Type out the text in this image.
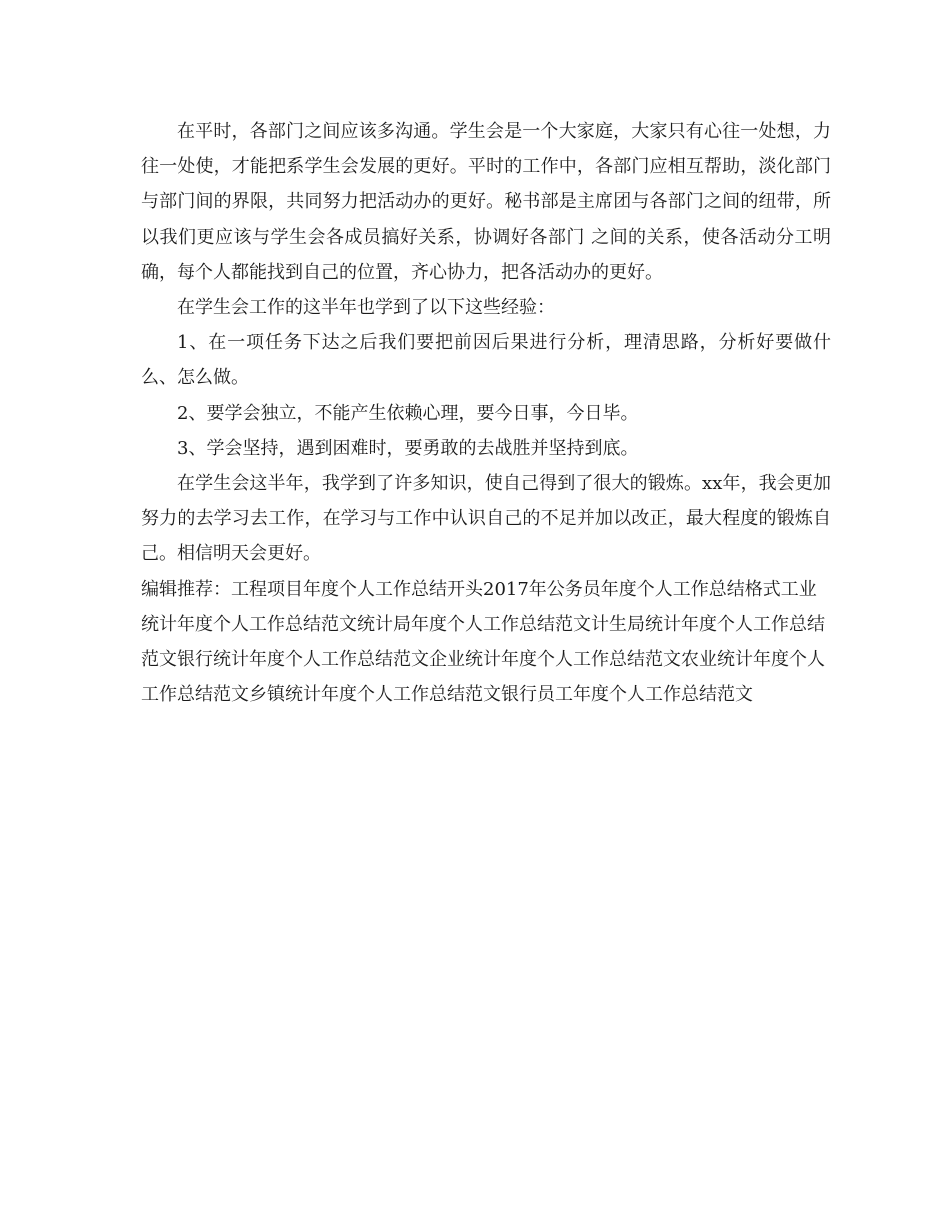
在平时，各部门之间应该多沟通。学生会是一个大家庭，大家只有心往一处想，力往一处使，才能把系学生会发展的更好。平时的工作中，各部门应相互帮助，淡化部门与部门间的界限，共同努力把活动办的更好。秘书部是主席团与各部门之间的纽带，所以我们更应该与学生会各成员搞好关系，协调好各部门 之间的关系，使各活动分工明确，每个人都能找到自己的位置，齐心协力，把各活动办的更好。

在学生会工作的这半年也学到了以下这些经验：

1、在一项任务下达之后我们要把前因后果进行分析，理清思路，分析好要做什么、怎么做。

2、要学会独立，不能产生依赖心理，要今日事，今日毕。

3、学会坚持，遇到困难时，要勇敢的去战胜并坚持到底。

在学生会这半年，我学到了许多知识，使自己得到了很大的锻炼。xx年，我会更加努力的去学习去工作，在学习与工作中认识自己的不足并加以改正，最大程度的锻炼自己。相信明天会更好。

编辑推荐：工程项目年度个人工作总结开头2017年公务员年度个人工作总结格式工业统计年度个人工作总结范文统计局年度个人工作总结范文计生局统计年度个人工作总结范文银行统计年度个人工作总结范文企业统计年度个人工作总结范文农业统计年度个人工作总结范文乡镇统计年度个人工作总结范文银行员工年度个人工作总结范文
